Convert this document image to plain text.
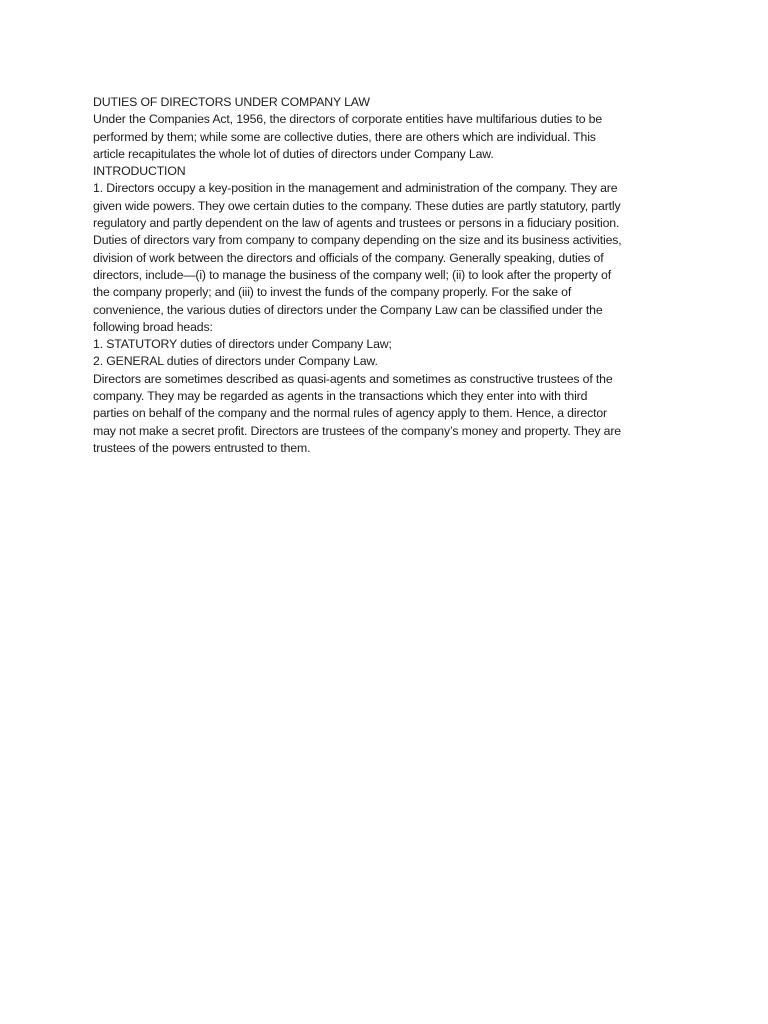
DUTIES OF DIRECTORS UNDER COMPANY LAW
Under the Companies Act, 1956, the directors of corporate entities have multifarious duties to be
performed by them; while some are collective duties, there are others which are individual. This
article recapitulates the whole lot of duties of directors under Company Law.
INTRODUCTION
1. Directors occupy a key-position in the management and administration of the company. They are
given wide powers. They owe certain duties to the company. These duties are partly statutory, partly
regulatory and partly dependent on the law of agents and trustees or persons in a fiduciary position.
Duties of directors vary from company to company depending on the size and its business activities,
division of work between the directors and officials of the company. Generally speaking, duties of
directors, include—(i) to manage the business of the company well; (ii) to look after the property of
the company properly; and (iii) to invest the funds of the company properly. For the sake of
convenience, the various duties of directors under the Company Law can be classified under the
following broad heads:
1. STATUTORY duties of directors under Company Law;
2. GENERAL duties of directors under Company Law.
Directors are sometimes described as quasi-agents and sometimes as constructive trustees of the
company. They may be regarded as agents in the transactions which they enter into with third
parties on behalf of the company and the normal rules of agency apply to them. Hence, a director
may not make a secret profit. Directors are trustees of the company’s money and property. They are
trustees of the powers entrusted to them.
